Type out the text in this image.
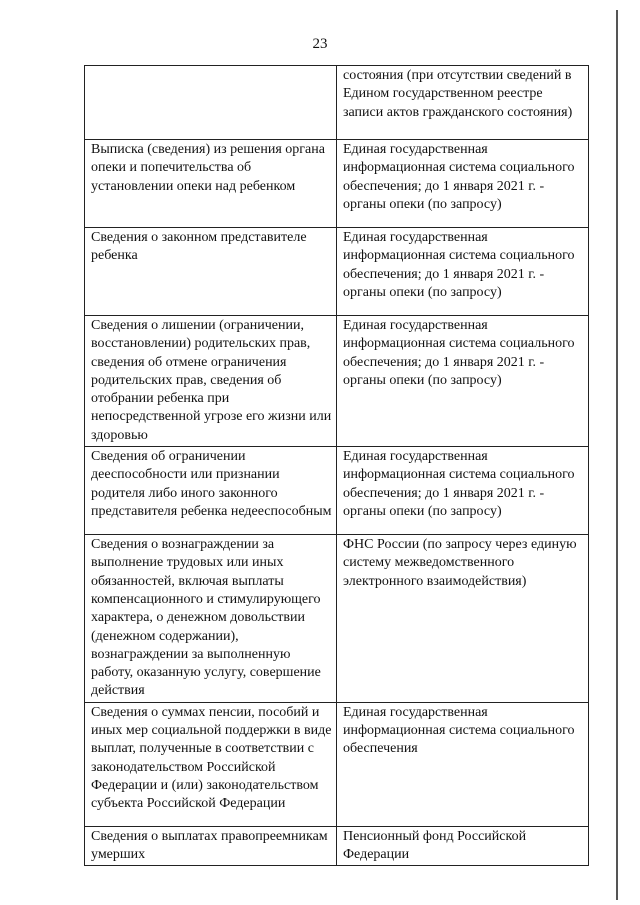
23

	состояния (при отсутствии сведений в Едином государственном реестре записи актов гражданского состояния)

Выписка (сведения) из решения органа опеки и попечительства об установлении опеки над ребенком	Единая государственная информационная система социального обеспечения; до 1 января 2021 г. - органы опеки (по запросу)

Сведения о законном представителе ребенка	Единая государственная информационная система социального обеспечения; до 1 января 2021 г. - органы опеки (по запросу)

Сведения о лишении (ограничении, восстановлении) родительских прав, сведения об отмене ограничения родительских прав, сведения об отобрании ребенка при непосредственной угрозе его жизни или здоровью	Единая государственная информационная система социального обеспечения; до 1 января 2021 г. - органы опеки (по запросу)

Сведения об ограничении дееспособности или признании родителя либо иного законного представителя ребенка недееспособным	Единая государственная информационная система социального обеспечения; до 1 января 2021 г. - органы опеки (по запросу)

Сведения о вознаграждении за выполнение трудовых или иных обязанностей, включая выплаты компенсационного и стимулирующего характера, о денежном довольствии (денежном содержании), вознаграждении за выполненную работу, оказанную услугу, совершение действия	ФНС России (по запросу через единую систему межведомственного электронного взаимодействия)

Сведения о суммах пенсии, пособий и иных мер социальной поддержки в виде выплат, полученные в соответствии с законодательством Российской Федерации и (или) законодательством субъекта Российской Федерации	Единая государственная информационная система социального обеспечения

Сведения о выплатах правопреемникам умерших	Пенсионный фонд Российской Федерации
